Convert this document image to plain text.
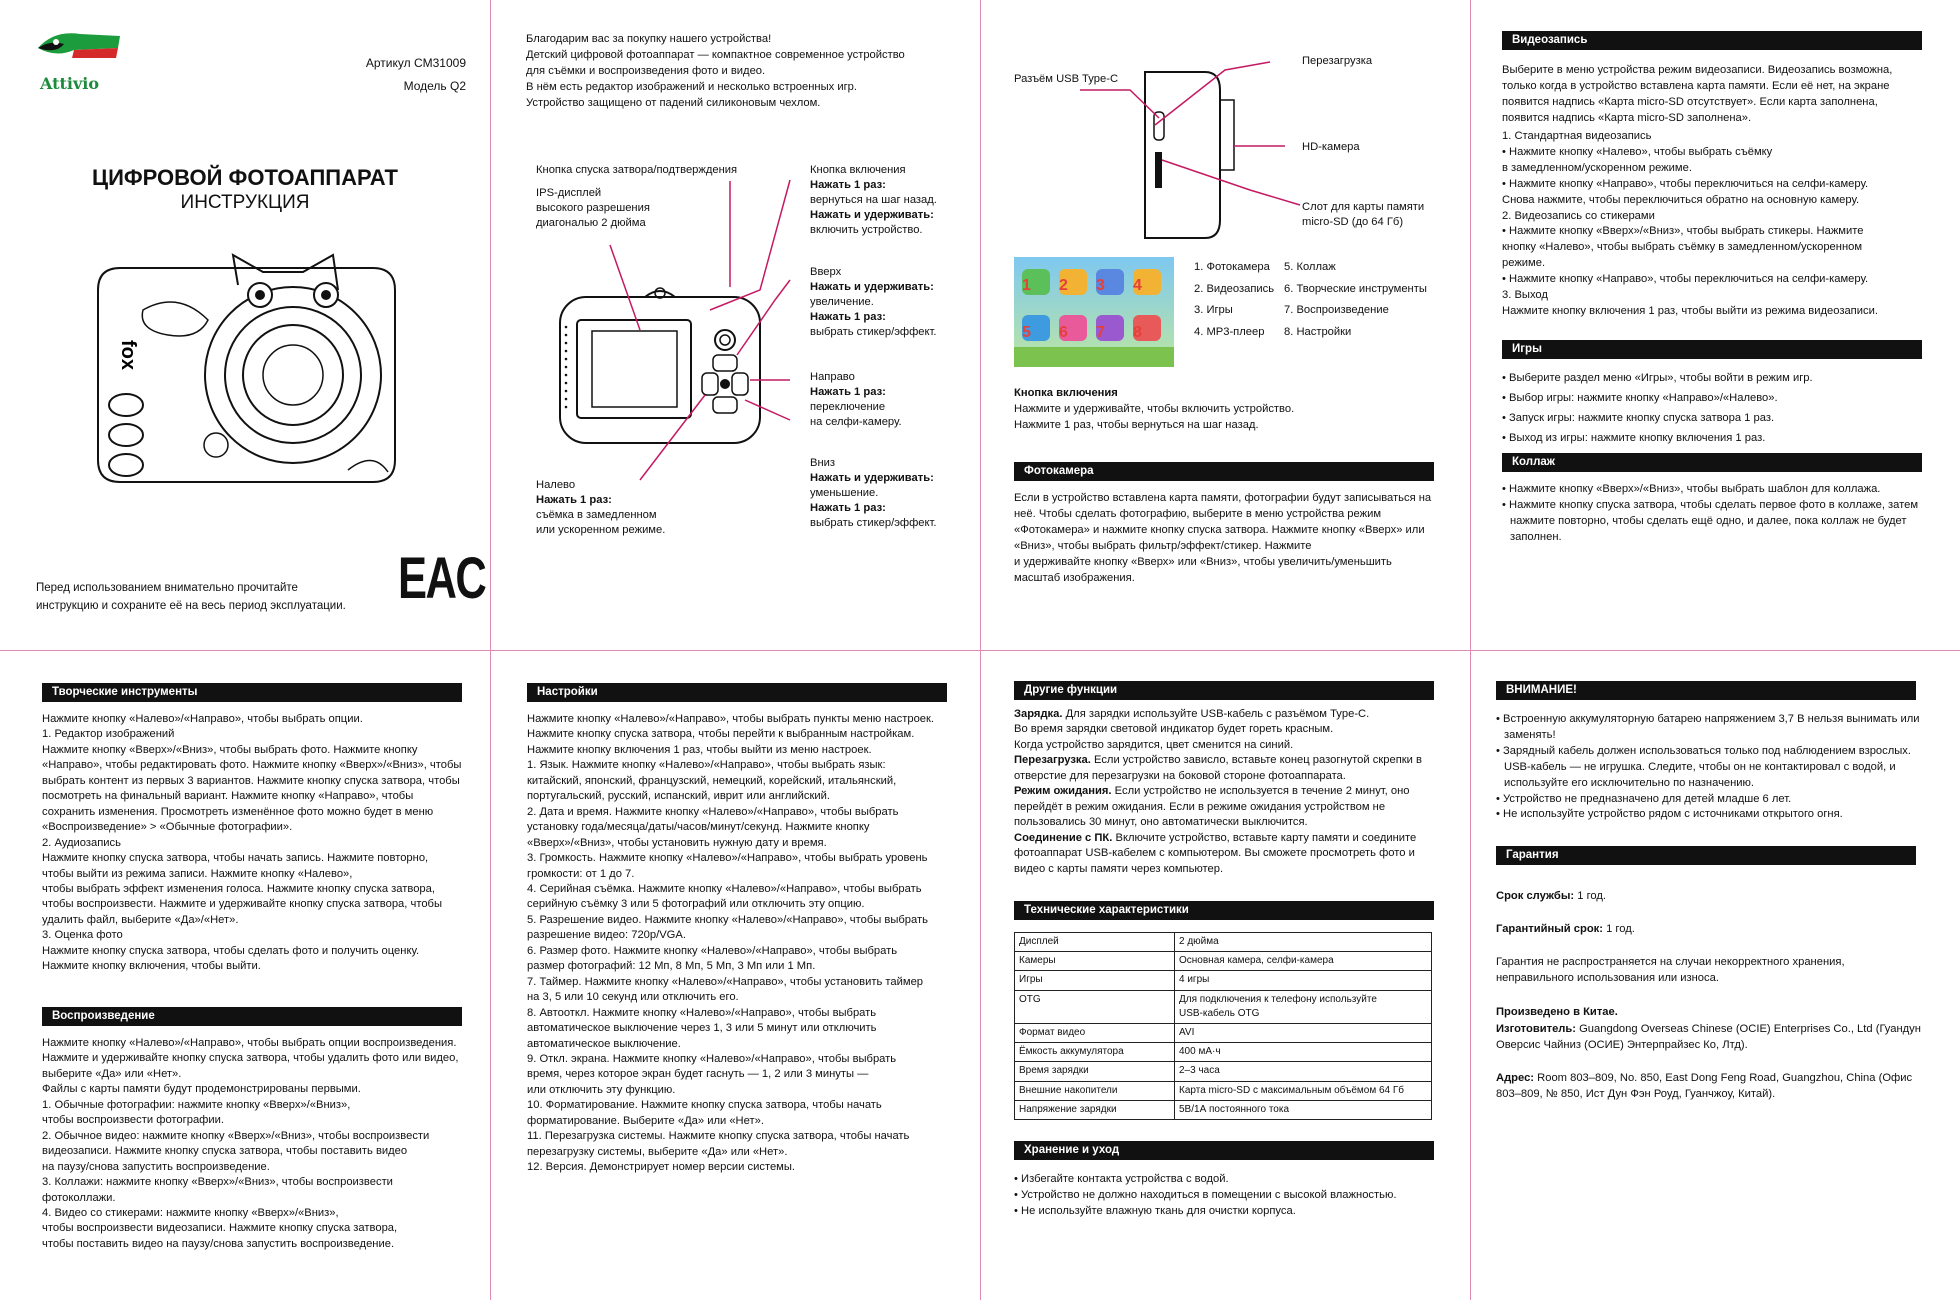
Attivio
Артикул CM31009
Модель Q2
ЦИФРОВОЙ ФОТОАППАРАТ
ИНСТРУКЦИЯ
fox
EAC
Перед использованием внимательно прочитайте
инструкцию и сохраните её на весь период эксплуатации.
Благодарим вас за покупку нашего устройства!
Детский цифровой фотоаппарат — компактное современное устройство
для съёмки и воспроизведения фото и видео.
В нём есть редактор изображений и несколько встроенных игр.
Устройство защищено от падений силиконовым чехлом.
Кнопка спуска затвора/подтверждения
IPS-дисплей
высокого разрешения
диагональю 2 дюйма
Кнопка включения
Нажать 1 раз:
вернуться на шаг назад.
Нажать и удерживать:
включить устройство.
Вверх
Нажать и удерживать:
увеличение.
Нажать 1 раз:
выбрать стикер/эффект.
Направо
Нажать 1 раз:
переключение
на селфи-камеру.
Вниз
Нажать и удерживать:
уменьшение.
Нажать 1 раз:
выбрать стикер/эффект.
Налево
Нажать 1 раз:
съёмка в замедленном
или ускоренном режиме.
Разъём USB Type-C
Перезагрузка
HD-камера
Слот для карты памяти
micro-SD (до 64 Гб)
1 2 3 4
5 6 7 8
1. Фотокамера
2. Видеозапись
3. Игры
4. MP3-плеер
5. Коллаж
6. Творческие инструменты
7. Воспроизведение
8. Настройки
Кнопка включения
Нажмите и удерживайте, чтобы включить устройство.
Нажмите 1 раз, чтобы вернуться на шаг назад.
Фотокамера
Если в устройство вставлена карта памяти, фотографии будут записываться на неё. Чтобы сделать фотографию, выберите в меню устройства режим «Фотокамера» и нажмите кнопку спуска затвора. Нажмите кнопку «Вверх» или «Вниз», чтобы выбрать фильтр/эффект/стикер. Нажмите
и удерживайте кнопку «Вверх» или «Вниз», чтобы увеличить/уменьшить масштаб изображения.
Видеозапись
Выберите в меню устройства режим видеозаписи. Видеозапись возможна, только когда в устройство вставлена карта памяти. Если её нет, на экране появится надпись «Карта micro-SD отсутствует». Если карта заполнена, появится надпись «Карта micro-SD заполнена».
1. Стандартная видеозапись
• Нажмите кнопку «Налево», чтобы выбрать съёмку
в замедленном/ускоренном режиме.
• Нажмите кнопку «Направо», чтобы переключиться на селфи-камеру.
Снова нажмите, чтобы переключиться обратно на основную камеру.
2. Видеозапись со стикерами
• Нажмите кнопку «Вверх»/«Вниз», чтобы выбрать стикеры. Нажмите
кнопку «Налево», чтобы выбрать съёмку в замедленном/ускоренном
режиме.
• Нажмите кнопку «Направо», чтобы переключиться на селфи-камеру.
3. Выход
Нажмите кнопку включения 1 раз, чтобы выйти из режима видеозаписи.
Игры
• Выберите раздел меню «Игры», чтобы войти в режим игр.
• Выбор игры: нажмите кнопку «Направо»/«Налево».
• Запуск игры: нажмите кнопку спуска затвора 1 раз.
• Выход из игры: нажмите кнопку включения 1 раз.
Коллаж
• Нажмите кнопку «Вверх»/«Вниз», чтобы выбрать шаблон для коллажа.
• Нажмите кнопку спуска затвора, чтобы сделать первое фото в коллаже, затем нажмите повторно, чтобы сделать ещё одно, и далее, пока коллаж не будет заполнен.
Творческие инструменты
Нажмите кнопку «Налево»/«Направо», чтобы выбрать опции.
1. Редактор изображений
Нажмите кнопку «Вверх»/«Вниз», чтобы выбрать фото. Нажмите кнопку «Направо», чтобы редактировать фото. Нажмите кнопку «Вверх»/«Вниз», чтобы выбрать контент из первых 3 вариантов. Нажмите кнопку спуска затвора, чтобы посмотреть на финальный вариант. Нажмите кнопку «Направо», чтобы сохранить изменения. Просмотреть изменённое фото можно будет в меню «Воспроизведение» > «Обычные фотографии».
2. Аудиозапись
Нажмите кнопку спуска затвора, чтобы начать запись. Нажмите повторно, чтобы выйти из режима записи. Нажмите кнопку «Налево»,
чтобы выбрать эффект изменения голоса. Нажмите кнопку спуска затвора, чтобы воспроизвести. Нажмите и удерживайте кнопку спуска затвора, чтобы удалить файл, выберите «Да»/«Нет».
3. Оценка фото
Нажмите кнопку спуска затвора, чтобы сделать фото и получить оценку. Нажмите кнопку включения, чтобы выйти.
Воспроизведение
Нажмите кнопку «Налево»/«Направо», чтобы выбрать опции воспроизведения. Нажмите и удерживайте кнопку спуска затвора, чтобы удалить фото или видео, выберите «Да» или «Нет».
Файлы с карты памяти будут продемонстрированы первыми.
1. Обычные фотографии: нажмите кнопку «Вверх»/«Вниз»,
чтобы воспроизвести фотографии.
2. Обычное видео: нажмите кнопку «Вверх»/«Вниз», чтобы воспроизвести
видеозаписи. Нажмите кнопку спуска затвора, чтобы поставить видео
на паузу/снова запустить воспроизведение.
3. Коллажи: нажмите кнопку «Вверх»/«Вниз», чтобы воспроизвести
фотоколлажи.
4. Видео со стикерами: нажмите кнопку «Вверх»/«Вниз»,
чтобы воспроизвести видеозаписи. Нажмите кнопку спуска затвора,
чтобы поставить видео на паузу/снова запустить воспроизведение.
Настройки
Нажмите кнопку «Налево»/«Направо», чтобы выбрать пункты меню настроек. Нажмите кнопку спуска затвора, чтобы перейти к выбранным настройкам. Нажмите кнопку включения 1 раз, чтобы выйти из меню настроек.
1. Язык. Нажмите кнопку «Налево»/«Направо», чтобы выбрать язык:
китайский, японский, французский, немецкий, корейский, итальянский,
португальский, русский, испанский, иврит или английский.
2. Дата и время. Нажмите кнопку «Налево»/«Направо», чтобы выбрать
установку года/месяца/даты/часов/минут/секунд. Нажмите кнопку
«Вверх»/«Вниз», чтобы установить нужную дату и время.
3. Громкость. Нажмите кнопку «Налево»/«Направо», чтобы выбрать уровень
громкости: от 1 до 7.
4. Серийная съёмка. Нажмите кнопку «Налево»/«Направо», чтобы выбрать
серийную съёмку 3 или 5 фотографий или отключить эту опцию.
5. Разрешение видео. Нажмите кнопку «Налево»/«Направо», чтобы выбрать
разрешение видео: 720p/VGA.
6. Размер фото. Нажмите кнопку «Налево»/«Направо», чтобы выбрать
размер фотографий: 12 Мп, 8 Мп, 5 Мп, 3 Мп или 1 Мп.
7. Таймер. Нажмите кнопку «Налево»/«Направо», чтобы установить таймер
на 3, 5 или 10 секунд или отключить его.
8. Автооткл. Нажмите кнопку «Налево»/«Направо», чтобы выбрать
автоматическое выключение через 1, 3 или 5 минут или отключить
автоматическое выключение.
9. Откл. экрана. Нажмите кнопку «Налево»/«Направо», чтобы выбрать
время, через которое экран будет гаснуть — 1, 2 или 3 минуты —
или отключить эту функцию.
10. Форматирование. Нажмите кнопку спуска затвора, чтобы начать
форматирование. Выберите «Да» или «Нет».
11. Перезагрузка системы. Нажмите кнопку спуска затвора, чтобы начать
перезагрузку системы, выберите «Да» или «Нет».
12. Версия. Демонстрирует номер версии системы.
Другие функции
Зарядка. Для зарядки используйте USB-кабель с разъёмом Type-C.
Во время зарядки световой индикатор будет гореть красным.
Когда устройство зарядится, цвет сменится на синий.
Перезагрузка. Если устройство зависло, вставьте конец разогнутой скрепки в отверстие для перезагрузки на боковой стороне фотоаппарата.
Режим ожидания. Если устройство не используется в течение 2 минут, оно перейдёт в режим ожидания. Если в режиме ожидания устройством не пользовались 30 минут, оно автоматически выключится.
Соединение с ПК. Включите устройство, вставьте карту памяти и соедините фотоаппарат USB-кабелем с компьютером. Вы сможете просмотреть фото и видео с карты памяти через компьютер.
Технические характеристики
Дисплей	2 дюйма
Камеры	Основная камера, селфи-камера
Игры	4 игры
OTG	Для подключения к телефону используйте
USB-кабель OTG
Формат видео	AVI
Ёмкость аккумулятора	400 мА·ч
Время зарядки	2–3 часа
Внешние накопители	Карта micro-SD с максимальным объёмом 64 Гб
Напряжение зарядки	5В/1А постоянного тока
Хранение и уход
• Избегайте контакта устройства с водой.
• Устройство не должно находиться в помещении с высокой влажностью.
• Не используйте влажную ткань для очистки корпуса.
ВНИМАНИЕ!
• Встроенную аккумуляторную батарею напряжением 3,7 В нельзя вынимать или заменять!
• Зарядный кабель должен использоваться только под наблюдением взрослых. USB-кабель — не игрушка. Следите, чтобы он не контактировал с водой, и используйте его исключительно по назначению.
• Устройство не предназначено для детей младше 6 лет.
• Не используйте устройство рядом с источниками открытого огня.
Гарантия
Срок службы: 1 год.
Гарантийный срок: 1 год.
Гарантия не распространяется на случаи некорректного хранения, неправильного использования или износа.
Произведено в Китае.
Изготовитель: Guangdong Overseas Chinese (OCIE) Enterprises Co., Ltd (Гуандун Оверсис Чайниз (ОСИЕ) Энтерпрайзес Ко, Лтд).
Адрес: Room 803–809, No. 850, East Dong Feng Road, Guangzhou, China (Офис 803–809, № 850, Ист Дун Фэн Роуд, Гуанчжоу, Китай).
